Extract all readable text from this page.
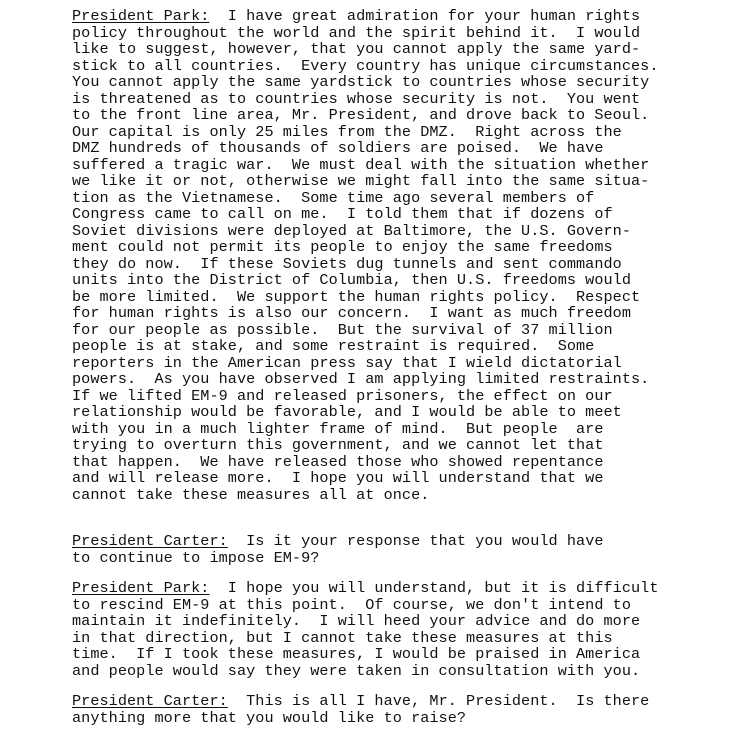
President Park:  I have great admiration for your human rights
policy throughout the world and the spirit behind it.  I would
like to suggest, however, that you cannot apply the same yard-
stick to all countries.  Every country has unique circumstances.
You cannot apply the same yardstick to countries whose security
is threatened as to countries whose security is not.  You went
to the front line area, Mr. President, and drove back to Seoul.
Our capital is only 25 miles from the DMZ.  Right across the
DMZ hundreds of thousands of soldiers are poised.  We have
suffered a tragic war.  We must deal with the situation whether
we like it or not, otherwise we might fall into the same situa-
tion as the Vietnamese.  Some time ago several members of
Congress came to call on me.  I told them that if dozens of
Soviet divisions were deployed at Baltimore, the U.S. Govern-
ment could not permit its people to enjoy the same freedoms
they do now.  If these Soviets dug tunnels and sent commando
units into the District of Columbia, then U.S. freedoms would
be more limited.  We support the human rights policy.  Respect
for human rights is also our concern.  I want as much freedom
for our people as possible.  But the survival of 37 million
people is at stake, and some restraint is required.  Some
reporters in the American press say that I wield dictatorial
powers.  As you have observed I am applying limited restraints.
If we lifted EM-9 and released prisoners, the effect on our
relationship would be favorable, and I would be able to meet
with you in a much lighter frame of mind.  But people  are
trying to overturn this government, and we cannot let that
that happen.  We have released those who showed repentance
and will release more.  I hope you will understand that we
cannot take these measures all at once.
President Carter:  Is it your response that you would have
to continue to impose EM-9?
President Park:  I hope you will understand, but it is difficult
to rescind EM-9 at this point.  Of course, we don't intend to
maintain it indefinitely.  I will heed your advice and do more
in that direction, but I cannot take these measures at this
time.  If I took these measures, I would be praised in America
and people would say they were taken in consultation with you.
President Carter:  This is all I have, Mr. President.  Is there
anything more that you would like to raise?
